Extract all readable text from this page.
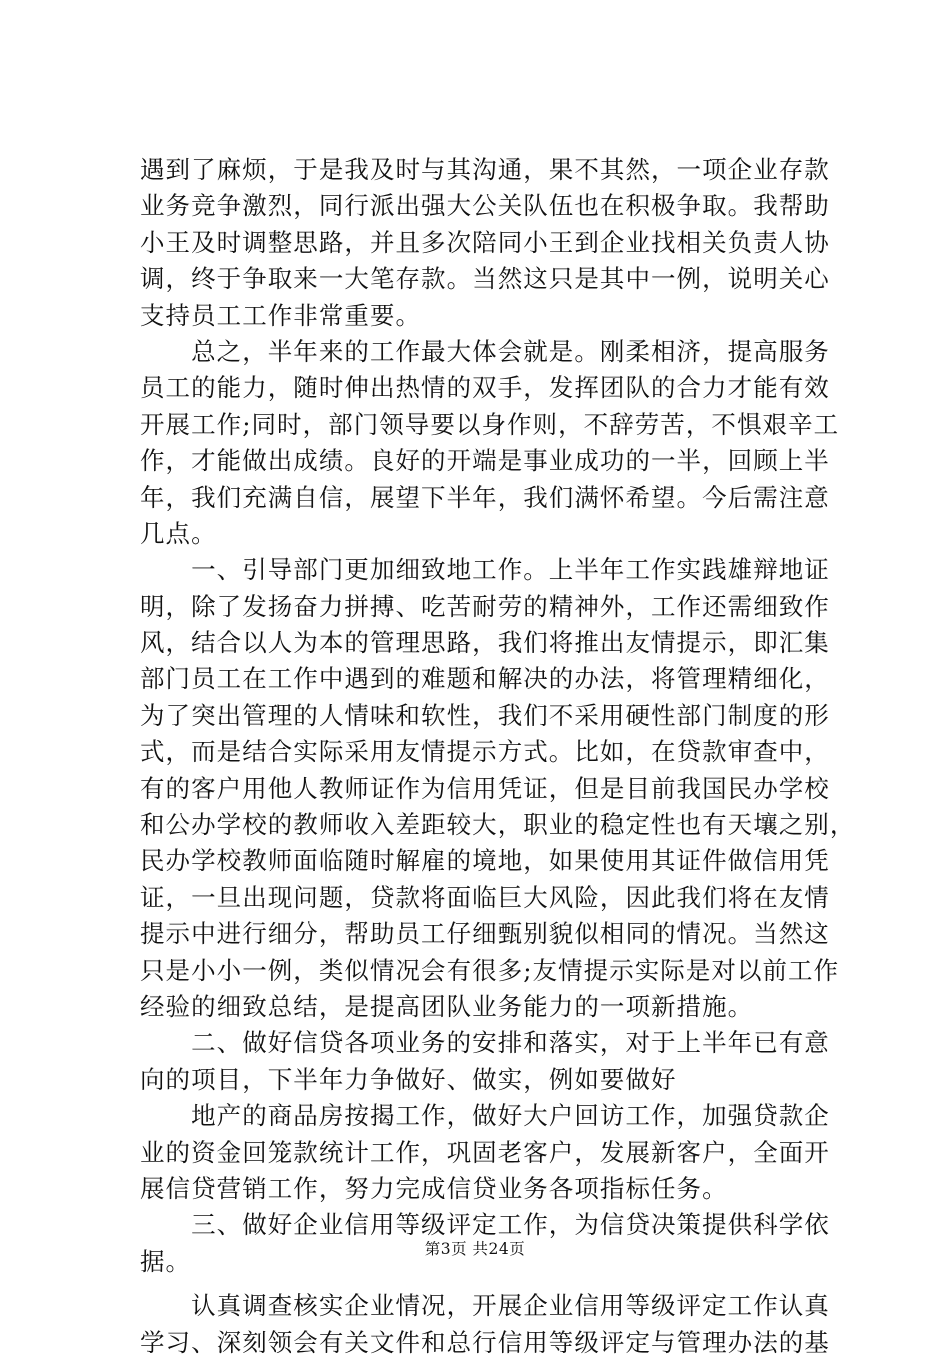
遇到了麻烦，于是我及时与其沟通，果不其然，一项企业存款
业务竞争激烈，同行派出强大公关队伍也在积极争取。我帮助
小王及时调整思路，并且多次陪同小王到企业找相关负责人协
调，终于争取来一大笔存款。当然这只是其中一例，说明关心
支持员工工作非常重要。
　　总之，半年来的工作最大体会就是。刚柔相济，提高服务
员工的能力，随时伸出热情的双手，发挥团队的合力才能有效
开展工作;同时，部门领导要以身作则，不辞劳苦，不惧艰辛工
作，才能做出成绩。良好的开端是事业成功的一半，回顾上半
年，我们充满自信，展望下半年，我们满怀希望。今后需注意
几点。
　　一、引导部门更加细致地工作。上半年工作实践雄辩地证
明，除了发扬奋力拼搏、吃苦耐劳的精神外，工作还需细致作
风，结合以人为本的管理思路，我们将推出友情提示，即汇集
部门员工在工作中遇到的难题和解决的办法，将管理精细化，
为了突出管理的人情味和软性，我们不采用硬性部门制度的形
式，而是结合实际采用友情提示方式。比如，在贷款审查中，
有的客户用他人教师证作为信用凭证，但是目前我国民办学校
和公办学校的教师收入差距较大，职业的稳定性也有天壤之别，
民办学校教师面临随时解雇的境地，如果使用其证件做信用凭
证，一旦出现问题，贷款将面临巨大风险，因此我们将在友情
提示中进行细分，帮助员工仔细甄别貌似相同的情况。当然这
只是小小一例，类似情况会有很多;友情提示实际是对以前工作
经验的细致总结，是提高团队业务能力的一项新措施。
　　二、做好信贷各项业务的安排和落实，对于上半年已有意
向的项目，下半年力争做好、做实，例如要做好
　　地产的商品房按揭工作，做好大户回访工作，加强贷款企
业的资金回笼款统计工作，巩固老客户，发展新客户，全面开
展信贷营销工作，努力完成信贷业务各项指标任务。
　　三、做好企业信用等级评定工作，为信贷决策提供科学依
据。
　　认真调查核实企业情况，开展企业信用等级评定工作认真
学习、深刻领会有关文件和总行信用等级评定与管理办法的基
第3页 共24页
